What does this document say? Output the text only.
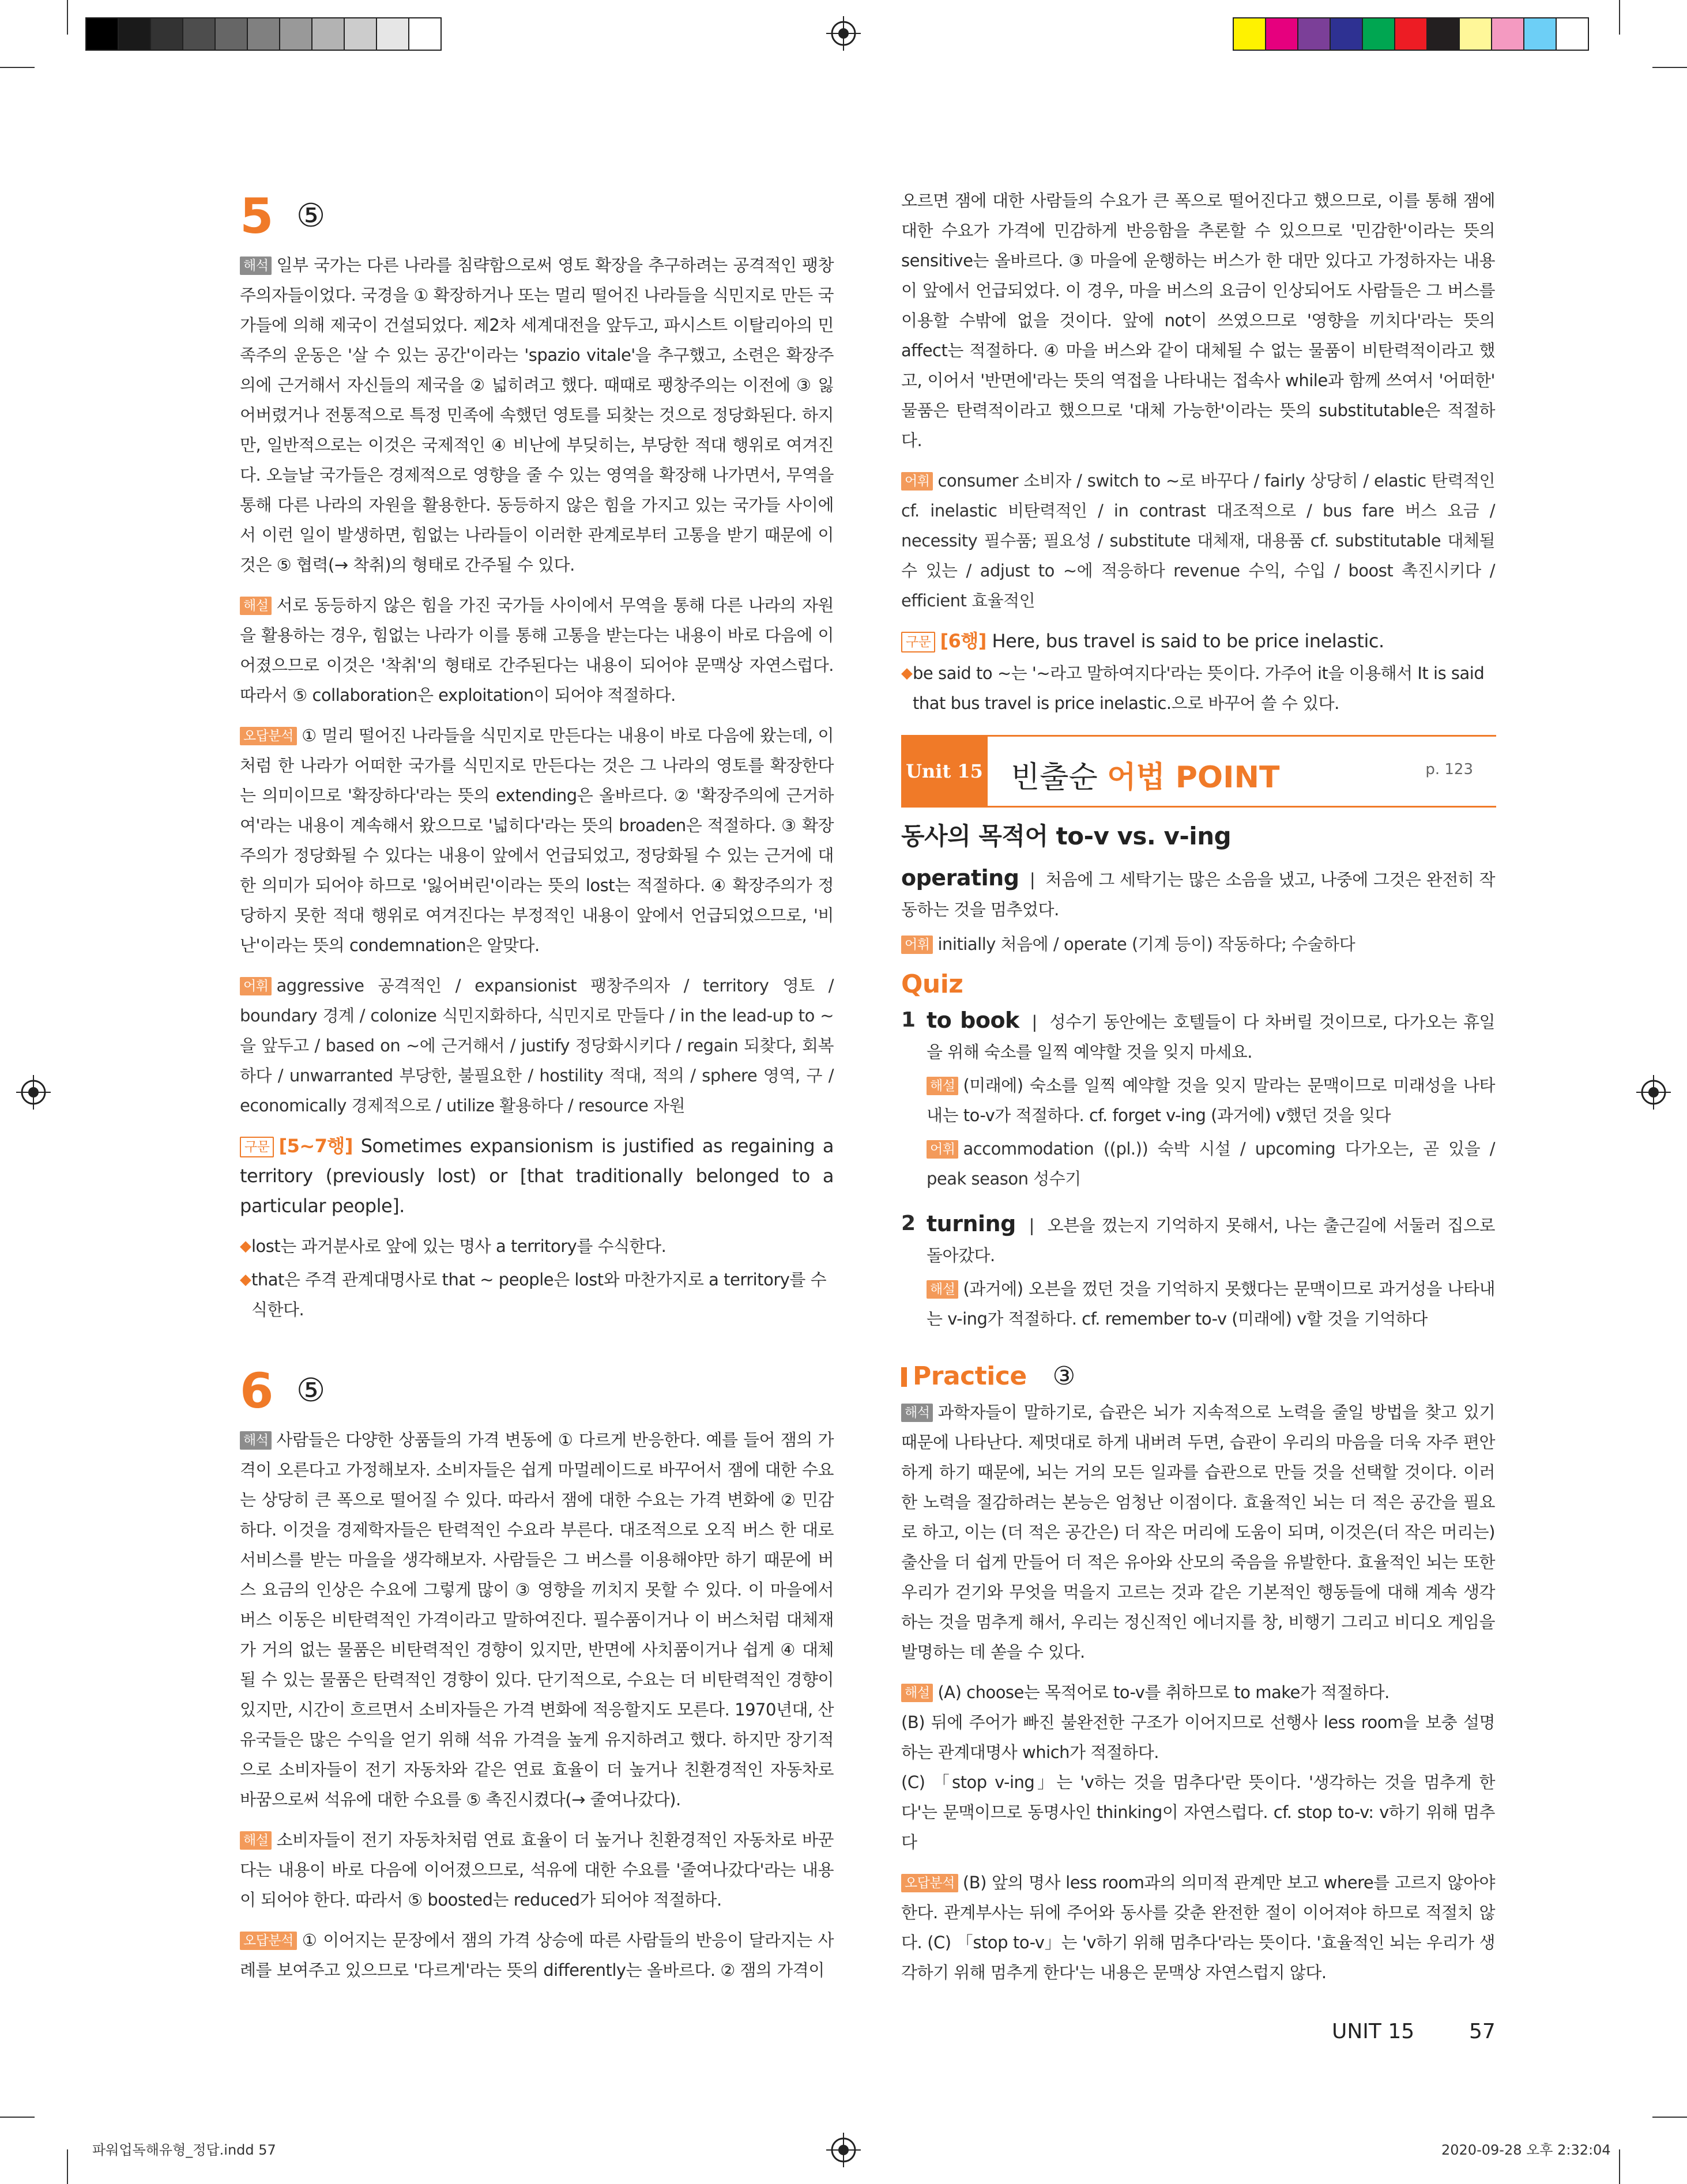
5 ⑤

해석 일부 국가는 다른 나라를 침략함으로써 영토 확장을 추구하려는 공격적인 팽창주의자들이었다. 국경을 ① 확장하거나 또는 멀리 떨어진 나라들을 식민지로 만든 국가들에 의해 제국이 건설되었다. 제2차 세계대전을 앞두고, 파시스트 이탈리아의 민족주의 운동은 '살 수 있는 공간'이라는 'spazio vitale'을 추구했고, 소련은 확장주의에 근거해서 자신들의 제국을 ② 넓히려고 했다. 때때로 팽창주의는 이전에 ③ 잃어버렸거나 전통적으로 특정 민족에 속했던 영토를 되찾는 것으로 정당화된다. 하지만, 일반적으로는 이것은 국제적인 ④ 비난에 부딪히는, 부당한 적대 행위로 여겨진다. 오늘날 국가들은 경제적으로 영향을 줄 수 있는 영역을 확장해 나가면서, 무역을 통해 다른 나라의 자원을 활용한다. 동등하지 않은 힘을 가지고 있는 국가들 사이에서 이런 일이 발생하면, 힘없는 나라들이 이러한 관계로부터 고통을 받기 때문에 이것은 ⑤ 협력(→ 착취)의 형태로 간주될 수 있다.

해설 서로 동등하지 않은 힘을 가진 국가들 사이에서 무역을 통해 다른 나라의 자원을 활용하는 경우, 힘없는 나라가 이를 통해 고통을 받는다는 내용이 바로 다음에 이어졌으므로 이것은 '착취'의 형태로 간주된다는 내용이 되어야 문맥상 자연스럽다. 따라서 ⑤ collaboration은 exploitation이 되어야 적절하다.

오답분석 ① 멀리 떨어진 나라들을 식민지로 만든다는 내용이 바로 다음에 왔는데, 이처럼 한 나라가 어떠한 국가를 식민지로 만든다는 것은 그 나라의 영토를 확장한다는 의미이므로 '확장하다'라는 뜻의 extending은 올바르다. ② '확장주의에 근거하여'라는 내용이 계속해서 왔으므로 '넓히다'라는 뜻의 broaden은 적절하다. ③ 확장주의가 정당화될 수 있다는 내용이 앞에서 언급되었고, 정당화될 수 있는 근거에 대한 의미가 되어야 하므로 '잃어버린'이라는 뜻의 lost는 적절하다. ④ 확장주의가 정당하지 못한 적대 행위로 여겨진다는 부정적인 내용이 앞에서 언급되었으므로, '비난'이라는 뜻의 condemnation은 알맞다.

어휘 aggressive 공격적인 / expansionist 팽창주의자 / territory 영토 / boundary 경계 / colonize 식민지화하다, 식민지로 만들다 / in the lead-up to ~을 앞두고 / based on ~에 근거해서 / justify 정당화시키다 / regain 되찾다, 회복하다 / unwarranted 부당한, 불필요한 / hostility 적대, 적의 / sphere 영역, 구 / economically 경제적으로 / utilize 활용하다 / resource 자원

구문 [5~7행] Sometimes expansionism is justified as regaining a territory (previously lost) or [that traditionally belonged to a particular people].

◆ lost는 과거분사로 앞에 있는 명사 a territory를 수식한다.
◆ that은 주격 관계대명사로 that ~ people은 lost와 마찬가지로 a territory를 수식한다.
6 ⑤

해석 사람들은 다양한 상품들의 가격 변동에 ① 다르게 반응한다. 예를 들어 잼의 가격이 오른다고 가정해보자. 소비자들은 쉽게 마멀레이드로 바꾸어서 잼에 대한 수요는 상당히 큰 폭으로 떨어질 수 있다. 따라서 잼에 대한 수요는 가격 변화에 ② 민감하다. 이것을 경제학자들은 탄력적인 수요라 부른다. 대조적으로 오직 버스 한 대로 서비스를 받는 마을을 생각해보자. 사람들은 그 버스를 이용해야만 하기 때문에 버스 요금의 인상은 수요에 그렇게 많이 ③ 영향을 끼치지 못할 수 있다. 이 마을에서 버스 이동은 비탄력적인 가격이라고 말하여진다. 필수품이거나 이 버스처럼 대체재가 거의 없는 물품은 비탄력적인 경향이 있지만, 반면에 사치품이거나 쉽게 ④ 대체될 수 있는 물품은 탄력적인 경향이 있다. 단기적으로, 수요는 더 비탄력적인 경향이 있지만, 시간이 흐르면서 소비자들은 가격 변화에 적응할지도 모른다. 1970년대, 산유국들은 많은 수익을 얻기 위해 석유 가격을 높게 유지하려고 했다. 하지만 장기적으로 소비자들이 전기 자동차와 같은 연료 효율이 더 높거나 친환경적인 자동차로 바꿈으로써 석유에 대한 수요를 ⑤ 촉진시켰다(→ 줄여나갔다).

해설 소비자들이 전기 자동차처럼 연료 효율이 더 높거나 친환경적인 자동차로 바꾼다는 내용이 바로 다음에 이어졌으므로, 석유에 대한 수요를 '줄여나갔다'라는 내용이 되어야 한다. 따라서 ⑤ boosted는 reduced가 되어야 적절하다.

오답분석 ① 이어지는 문장에서 잼의 가격 상승에 따른 사람들의 반응이 달라지는 사례를 보여주고 있으므로 '다르게'라는 뜻의 differently는 올바르다. ② 잼의 가격이

오르면 잼에 대한 사람들의 수요가 큰 폭으로 떨어진다고 했으므로, 이를 통해 잼에 대한 수요가 가격에 민감하게 반응함을 추론할 수 있으므로 '민감한'이라는 뜻의 sensitive는 올바르다. ③ 마을에 운행하는 버스가 한 대만 있다고 가정하자는 내용이 앞에서 언급되었다. 이 경우, 마을 버스의 요금이 인상되어도 사람들은 그 버스를 이용할 수밖에 없을 것이다. 앞에 not이 쓰였으므로 '영향을 끼치다'라는 뜻의 affect는 적절하다. ④ 마을 버스와 같이 대체될 수 없는 물품이 비탄력적이라고 했고, 이어서 '반면에'라는 뜻의 역접을 나타내는 접속사 while과 함께 쓰여서 '어떠한' 물품은 탄력적이라고 했으므로 '대체 가능한'이라는 뜻의 substitutable은 적절하다.

어휘 consumer 소비자 / switch to ~로 바꾸다 / fairly 상당히 / elastic 탄력적인 cf. inelastic 비탄력적인 / in contrast 대조적으로 / bus fare 버스 요금 / necessity 필수품; 필요성 / substitute 대체재, 대용품 cf. substitutable 대체될 수 있는 / adjust to ~에 적응하다 revenue 수익, 수입 / boost 촉진시키다 / efficient 효율적인

구문 [6행] Here, bus travel is said to be price inelastic.

◆ be said to ~는 '~라고 말하여지다'라는 뜻이다. 가주어 it을 이용해서 It is said that bus travel is price inelastic.으로 바꾸어 쓸 수 있다.
Unit 15 빈출순 어법 POINT	p. 123
동사의 목적어 to-v vs. v-ing

operating  |  처음에 그 세탁기는 많은 소음을 냈고, 나중에 그것은 완전히 작동하는 것을 멈추었다.

어휘 initially 처음에 / operate (기계 등이) 작동하다; 수술하다

Quiz
1 to book  |  성수기 동안에는 호텔들이 다 차버릴 것이므로, 다가오는 휴일을 위해 숙소를 일찍 예약할 것을 잊지 마세요.

해설 (미래에) 숙소를 일찍 예약할 것을 잊지 말라는 문맥이므로 미래성을 나타내는 to-v가 적절하다. cf. forget v-ing (과거에) v했던 것을 잊다

어휘 accommodation ((pl.)) 숙박 시설 / upcoming 다가오는, 곧 있을 / peak season 성수기

2 turning  |  오븐을 껐는지 기억하지 못해서, 나는 출근길에 서둘러 집으로 돌아갔다.

해설 (과거에) 오븐을 껐던 것을 기억하지 못했다는 문맥이므로 과거성을 나타내는 v-ing가 적절하다. cf. remember to-v (미래에) v할 것을 기억하다

Practice ③

해석 과학자들이 말하기로, 습관은 뇌가 지속적으로 노력을 줄일 방법을 찾고 있기 때문에 나타난다. 제멋대로 하게 내버려 두면, 습관이 우리의 마음을 더욱 자주 편안하게 하기 때문에, 뇌는 거의 모든 일과를 습관으로 만들 것을 선택할 것이다. 이러한 노력을 절감하려는 본능은 엄청난 이점이다. 효율적인 뇌는 더 적은 공간을 필요로 하고, 이는 (더 적은 공간은) 더 작은 머리에 도움이 되며, 이것은(더 작은 머리는) 출산을 더 쉽게 만들어 더 적은 유아와 산모의 죽음을 유발한다. 효율적인 뇌는 또한 우리가 걷기와 무엇을 먹을지 고르는 것과 같은 기본적인 행동들에 대해 계속 생각하는 것을 멈추게 해서, 우리는 정신적인 에너지를 창, 비행기 그리고 비디오 게임을 발명하는 데 쏟을 수 있다.

해설 (A) choose는 목적어로 to-v를 취하므로 to make가 적절하다.

(B) 뒤에 주어가 빠진 불완전한 구조가 이어지므로 선행사 less room을 보충 설명하는 관계대명사 which가 적절하다.

(C) 「stop v-ing」는 'v하는 것을 멈추다'란 뜻이다. '생각하는 것을 멈추게 한다'는 문맥이므로 동명사인 thinking이 자연스럽다. cf. stop to-v: v하기 위해 멈추다

오답분석 (B) 앞의 명사 less room과의 의미적 관계만 보고 where를 고르지 않아야 한다. 관계부사는 뒤에 주어와 동사를 갖춘 완전한 절이 이어져야 하므로 적절치 않다. (C) 「stop to-v」는 'v하기 위해 멈추다'라는 뜻이다. '효율적인 뇌는 우리가 생각하기 위해 멈추게 한다'는 내용은 문맥상 자연스럽지 않다.

UNIT 15	57
파워업독해유형_정답.indd 57	2020-09-28 오후 2:32:04
